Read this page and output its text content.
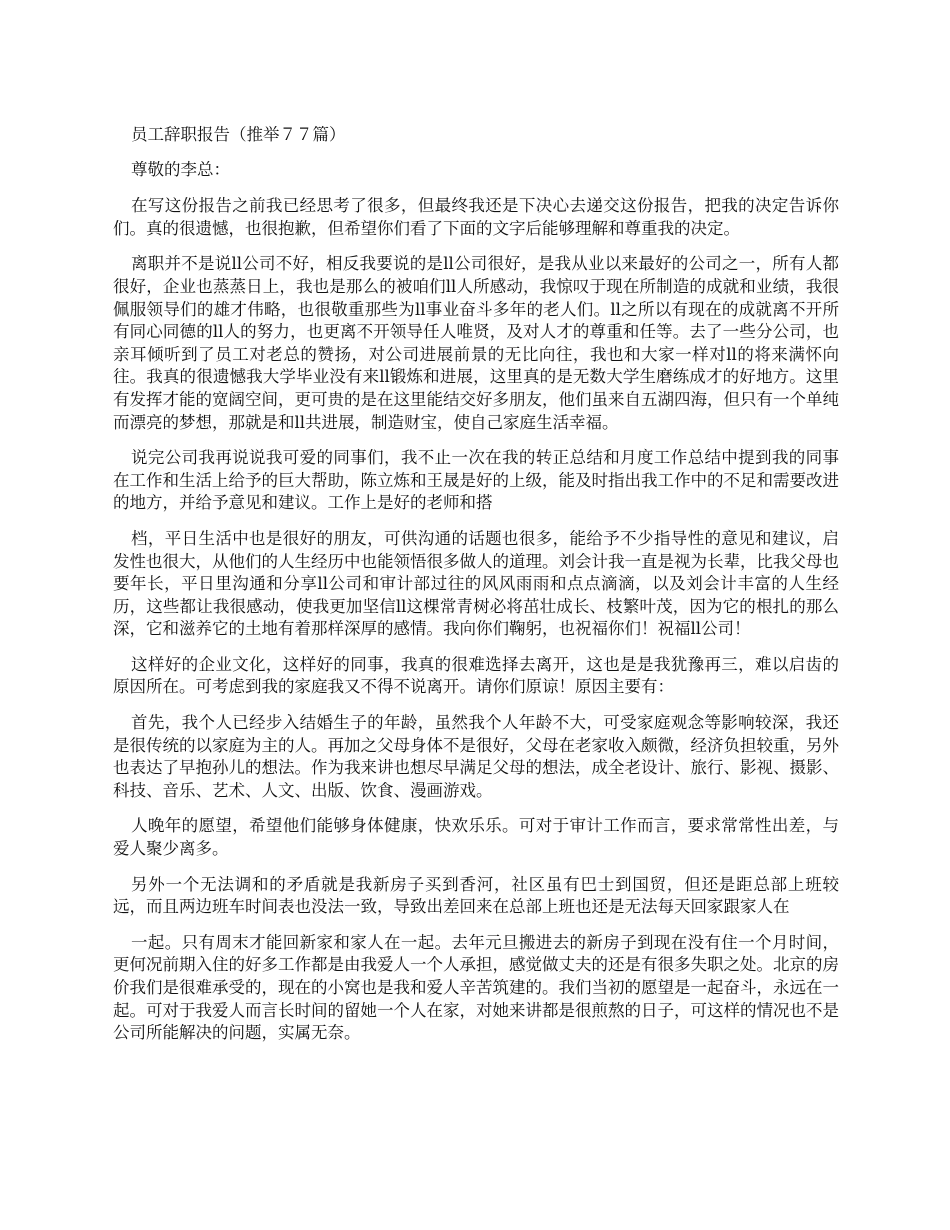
员工辞职报告（推举７７篇）

尊敬的李总：

在写这份报告之前我已经思考了很多，但最终我还是下决心去递交这份报告，把我的决定告诉你们。真的很遗憾，也很抱歉，但希望你们看了下面的文字后能够理解和尊重我的决定。

离职并不是说ll公司不好，相反我要说的是ll公司很好，是我从业以来最好的公司之一，所有人都很好，企业也蒸蒸日上，我也是那么的被咱们ll人所感动，我惊叹于现在所制造的成就和业绩，我很佩服领导们的雄才伟略，也很敬重那些为ll事业奋斗多年的老人们。ll之所以有现在的成就离不开所有同心同德的ll人的努力，也更离不开领导任人唯贤，及对人才的尊重和任等。去了一些分公司，也亲耳倾听到了员工对老总的赞扬，对公司进展前景的无比向往，我也和大家一样对ll的将来满怀向往。我真的很遗憾我大学毕业没有来ll锻炼和进展，这里真的是无数大学生磨练成才的好地方。这里有发挥才能的宽阔空间，更可贵的是在这里能结交好多朋友，他们虽来自五湖四海，但只有一个单纯而漂亮的梦想，那就是和ll共进展，制造财宝，使自己家庭生活幸福。

说完公司我再说说我可爱的同事们，我不止一次在我的转正总结和月度工作总结中提到我的同事在工作和生活上给予的巨大帮助，陈立炼和王晟是好的上级，能及时指出我工作中的不足和需要改进的地方，并给予意见和建议。工作上是好的老师和搭

档，平日生活中也是很好的朋友，可供沟通的话题也很多，能给予不少指导性的意见和建议，启发性也很大，从他们的人生经历中也能领悟很多做人的道理。刘会计我一直是视为长辈，比我父母也要年长，平日里沟通和分享ll公司和审计部过往的风风雨雨和点点滴滴，以及刘会计丰富的人生经历，这些都让我很感动，使我更加坚信ll这棵常青树必将茁壮成长、枝繁叶茂，因为它的根扎的那么深，它和滋养它的土地有着那样深厚的感情。我向你们鞠躬，也祝福你们！祝福ll公司！

这样好的企业文化，这样好的同事，我真的很难选择去离开，这也是是我犹豫再三，难以启齿的原因所在。可考虑到我的家庭我又不得不说离开。请你们原谅！原因主要有：

首先，我个人已经步入结婚生子的年龄，虽然我个人年龄不大，可受家庭观念等影响较深，我还是很传统的以家庭为主的人。再加之父母身体不是很好，父母在老家收入颇微，经济负担较重，另外也表达了早抱孙儿的想法。作为我来讲也想尽早满足父母的想法，成全老设计、旅行、影视、摄影、科技、音乐、艺术、人文、出版、饮食、漫画游戏。

人晚年的愿望，希望他们能够身体健康，快欢乐乐。可对于审计工作而言，要求常常性出差，与爱人聚少离多。

另外一个无法调和的矛盾就是我新房子买到香河，社区虽有巴士到国贸，但还是距总部上班较远，而且两边班车时间表也没法一致，导致出差回来在总部上班也还是无法每天回家跟家人在

一起。只有周末才能回新家和家人在一起。去年元旦搬进去的新房子到现在没有住一个月时间，更何况前期入住的好多工作都是由我爱人一个人承担，感觉做丈夫的还是有很多失职之处。北京的房价我们是很难承受的，现在的小窝也是我和爱人辛苦筑建的。我们当初的愿望是一起奋斗，永远在一起。可对于我爱人而言长时间的留她一个人在家，对她来讲都是很煎熬的日子，可这样的情况也不是公司所能解决的问题，实属无奈。
